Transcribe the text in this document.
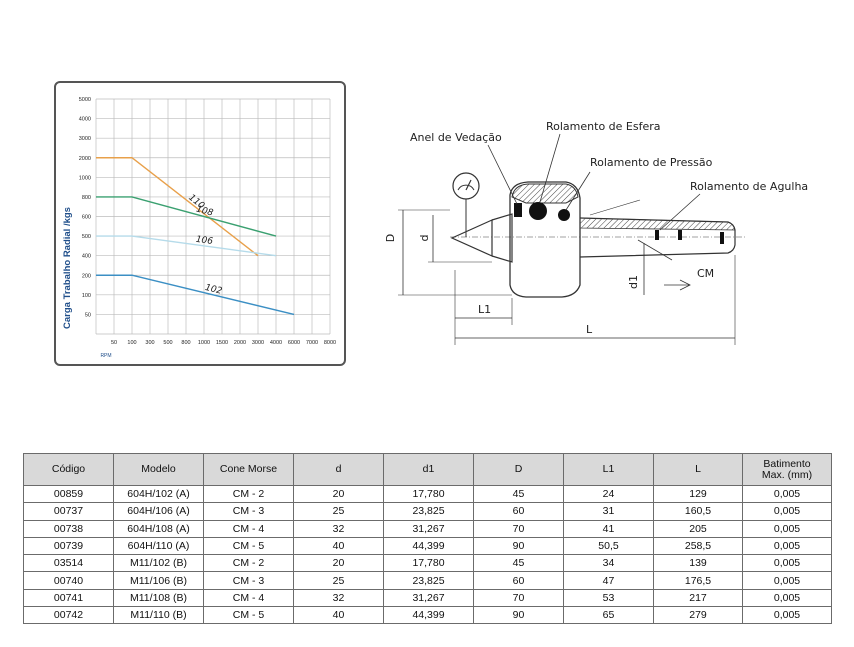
110
108
106
102
5000
4000
3000
2000
1000
800
600
500
400
200
100
50
50 100 300 500 800 1000 1500 2000 3000 4000 6000 7000 8000
Carga Trabalho Radial /kgs
RPM
Anel de Vedação
Rolamento de Esfera
Rolamento de Pressão
Rolamento de Agulha
D d
d1
CM
L1
L
Código	Modelo	Cone Morse	d	d1	D	L1	L	Batimento Max. (mm)
00859	604H/102 (A)	CM - 2	20	17,780	45	24	129	0,005
00737	604H/106 (A)	CM - 3	25	23,825	60	31	160,5	0,005
00738	604H/108 (A)	CM - 4	32	31,267	70	41	205	0,005
00739	604H/110 (A)	CM - 5	40	44,399	90	50,5	258,5	0,005
03514	M11/102 (B)	CM - 2	20	17,780	45	34	139	0,005
00740	M11/106 (B)	CM - 3	25	23,825	60	47	176,5	0,005
00741	M11/108 (B)	CM - 4	32	31,267	70	53	217	0,005
00742	M11/110 (B)	CM - 5	40	44,399	90	65	279	0,005
